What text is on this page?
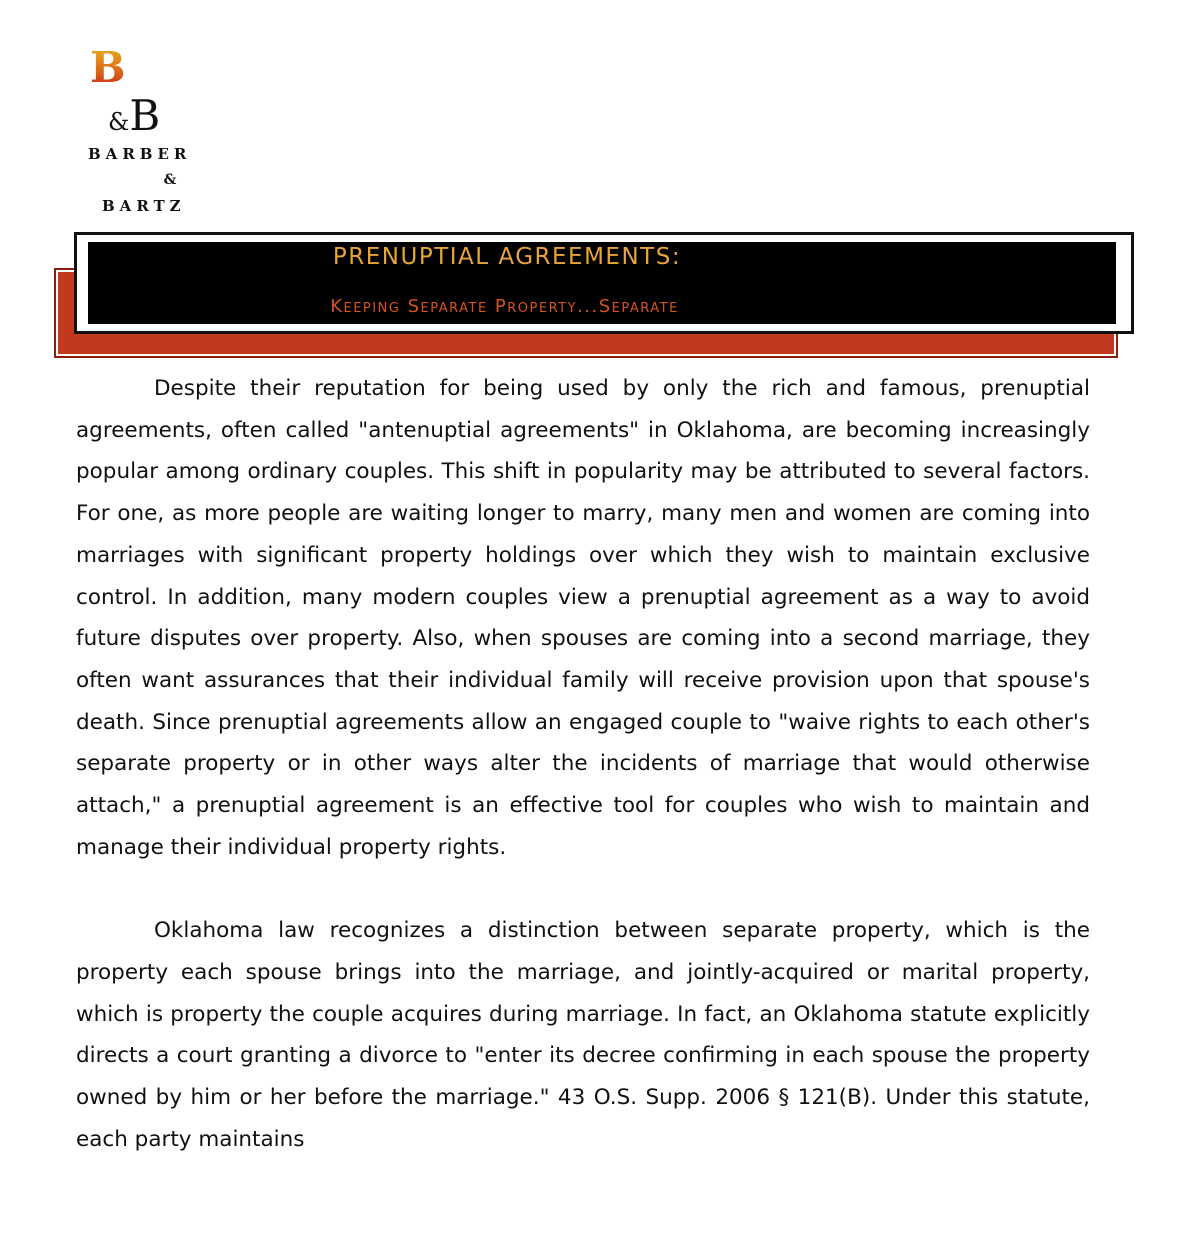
B
&B
BARBER
&
BARTZ
PRENUPTIAL AGREEMENTS:
Keeping Separate Property...Separate

Despite their reputation for being used by only the rich and famous, prenuptial agreements, often called "antenuptial agreements" in Oklahoma, are becoming increasingly popular among ordinary couples. This shift in popularity may be attributed to several factors. For one, as more people are waiting longer to marry, many men and women are coming into marriages with significant property holdings over which they wish to maintain exclusive control. In addition, many modern couples view a prenuptial agreement as a way to avoid future disputes over property. Also, when spouses are coming into a second marriage, they often want assurances that their individual family will receive provision upon that spouse's death. Since prenuptial agreements allow an engaged couple to "waive rights to each other's separate property or in other ways alter the incidents of marriage that would otherwise attach," a prenuptial agreement is an effective tool for couples who wish to maintain and manage their individual property rights.

Oklahoma law recognizes a distinction between separate property, which is the property each spouse brings into the marriage, and jointly-acquired or marital property, which is property the couple acquires during marriage. In fact, an Oklahoma statute explicitly directs a court granting a divorce to "enter its decree confirming in each spouse the property owned by him or her before the marriage." 43 O.S. Supp. 2006 § 121(B). Under this statute, each party maintains
